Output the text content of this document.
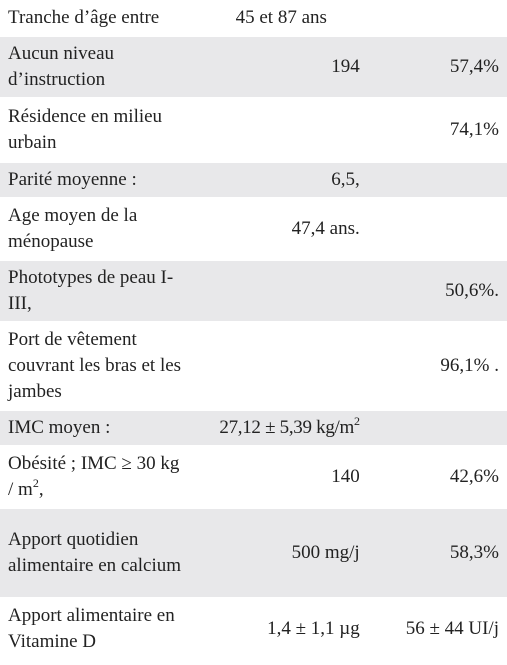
Tranche d’âge entre	45 et 87 ans	
Aucun niveau d’instruction	194	57,4%
Résidence en milieu urbain		74,1%
Parité moyenne :	6,5,	
Age moyen de la ménopause	47,4 ans.	
Phototypes de peau I-III,		50,6%.
Port de vêtement couvrant les bras et les jambes		96,1% .
IMC moyen :	27,12 ± 5,39 $kg/m^2$	
Obésité ; IMC ≥ 30 kg / $m^2$,	140	42,6%
Apport quotidien alimentaire en calcium	500 mg/j	58,3%
Apport alimentaire en Vitamine D	1,4 ± 1,1 µg	56 ± 44 UI/j
